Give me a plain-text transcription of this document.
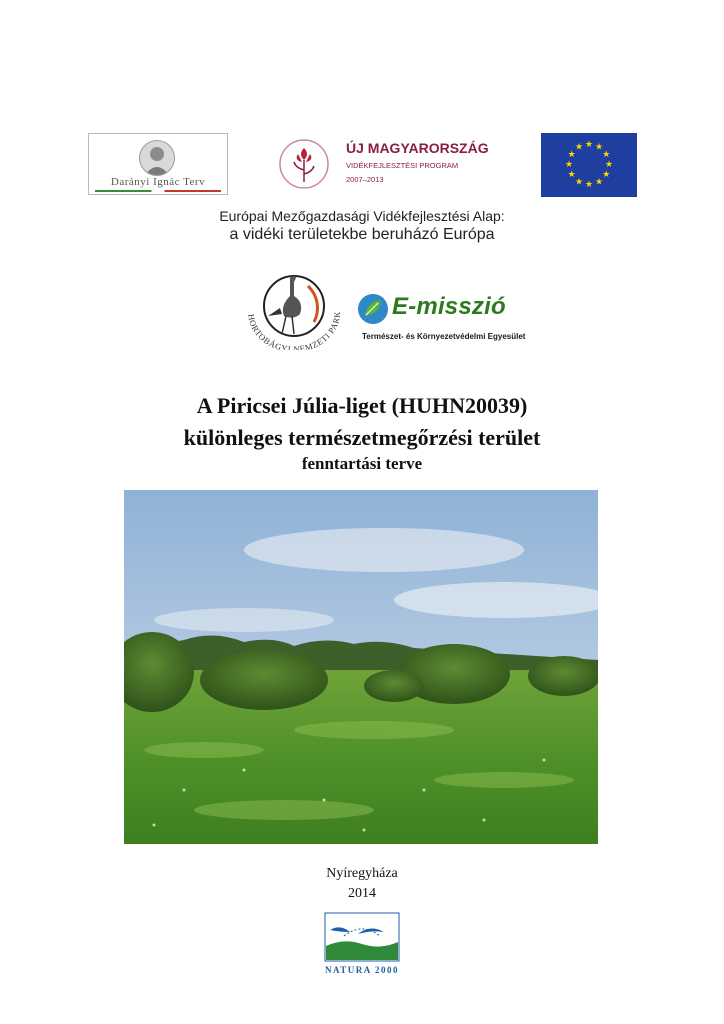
Darányi Ignác Terv
ÚJ MAGYARORSZÁG
VIDÉKFEJLESZTÉSI PROGRAM
2007–2013
★ ★
★
★
★
★
★
★
★
★
★
★
Európai Mezőgazdasági Vidékfejlesztési Alap:
a vidéki területekbe beruházó Európa
HORTOBÁGYI NEMZETI PARK E-misszió
Természet- és Környezetvédelmi Egyesület
A Piricsei Júlia-liget (HUHN20039)
különleges természetmegőrzési terület
fenntartási terve
Nyíregyháza
2014
NATURA 2000
